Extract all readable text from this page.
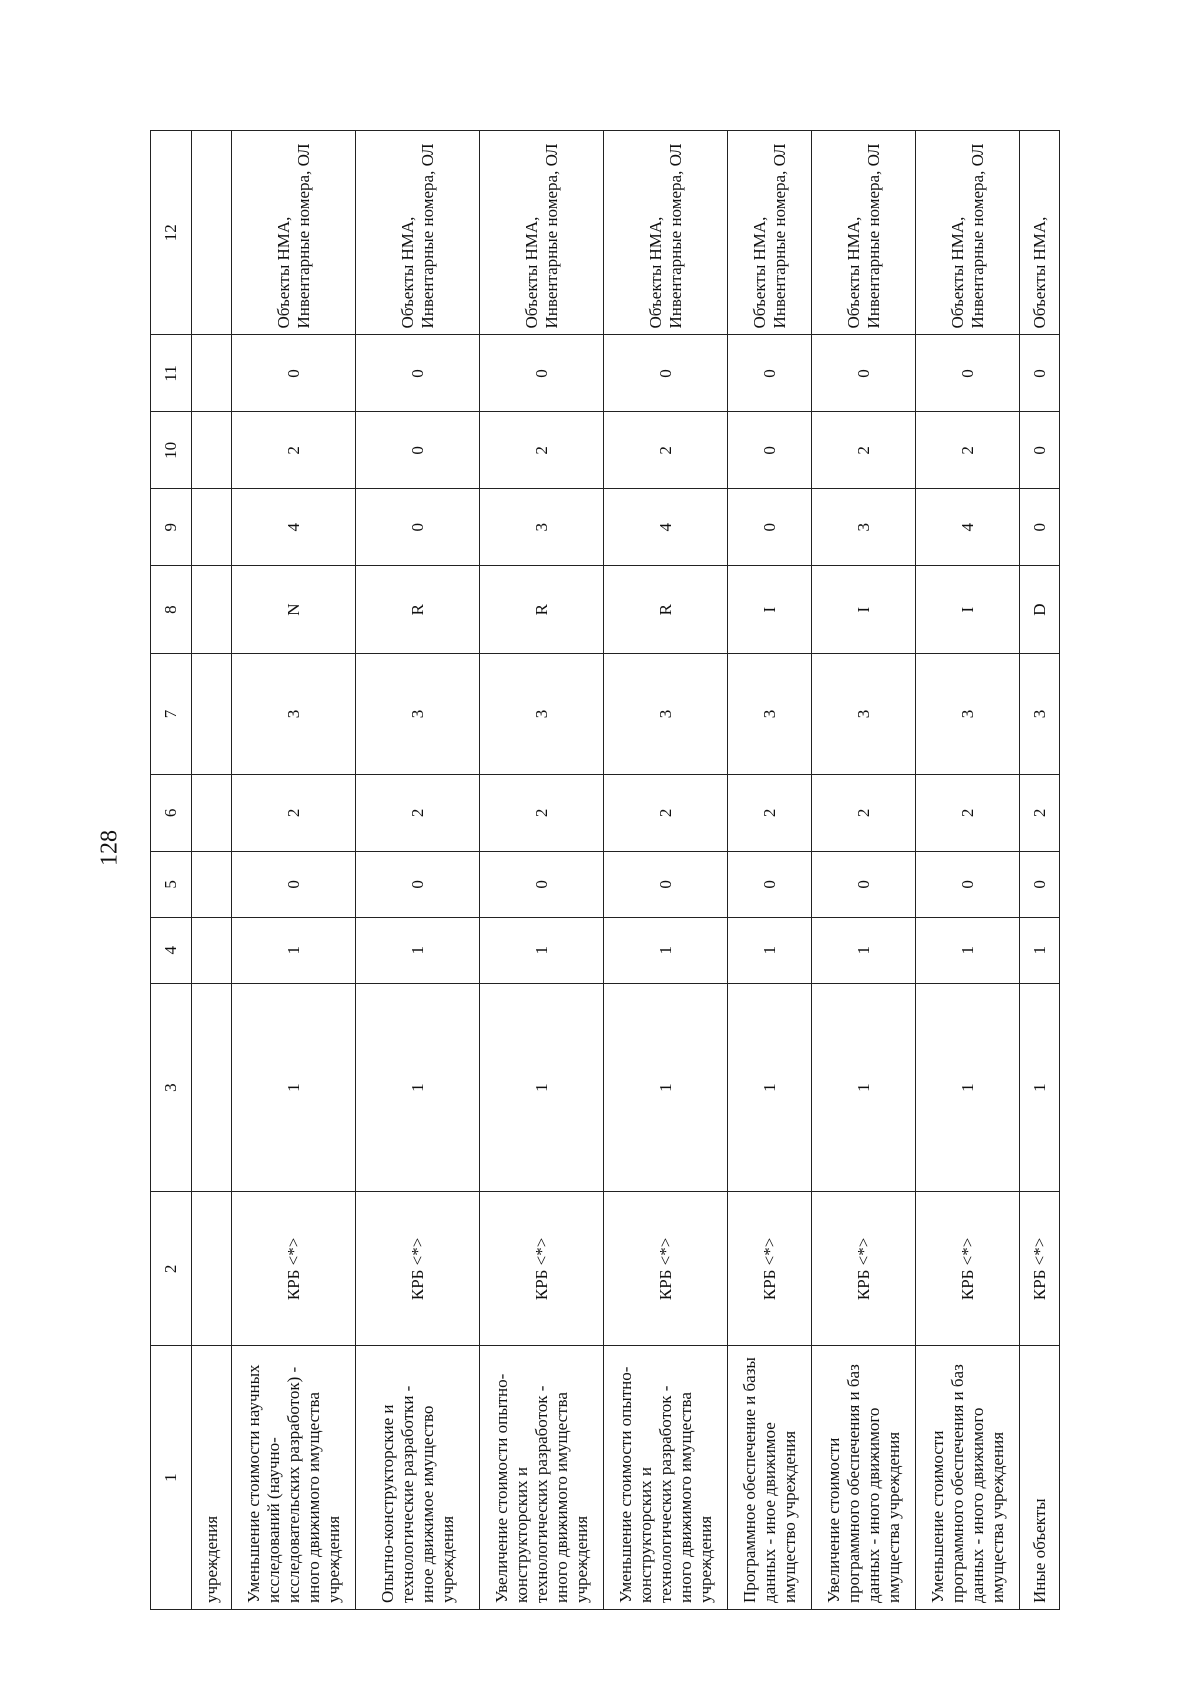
128
1	2	3	4	5	6	7	8	9	10	11	12
учреждения											
Уменьшение стоимости научных исследований (научно-исследовательских разработок) - иного движимого имущества учреждения	КРБ <*>	1	1	0	2	3	N	4	2	0	Объекты НМА, Инвентарные номера, ОЛ
Опытно-конструкторские и технологические разработки - иное движимое имущество учреждения	КРБ <*>	1	1	0	2	3	R	0	0	0	Объекты НМА, Инвентарные номера, ОЛ
Увеличение стоимости опытно-конструкторских и технологических разработок - иного движимого имущества учреждения	КРБ <*>	1	1	0	2	3	R	3	2	0	Объекты НМА, Инвентарные номера, ОЛ
Уменьшение стоимости опытно-конструкторских и технологических разработок - иного движимого имущества учреждения	КРБ <*>	1	1	0	2	3	R	4	2	0	Объекты НМА, Инвентарные номера, ОЛ
Программное обеспечение и базы данных - иное движимое имущество учреждения	КРБ <*>	1	1	0	2	3	I	0	0	0	Объекты НМА, Инвентарные номера, ОЛ
Увеличение стоимости программного обеспечения и баз данных - иного движимого имущества учреждения	КРБ <*>	1	1	0	2	3	I	3	2	0	Объекты НМА, Инвентарные номера, ОЛ
Уменьшение стоимости программного обеспечения и баз данных - иного движимого имущества учреждения	КРБ <*>	1	1	0	2	3	I	4	2	0	Объекты НМА, Инвентарные номера, ОЛ
Иные объекты	КРБ <*>	1	1	0	2	3	D	0	0	0	Объекты НМА,
